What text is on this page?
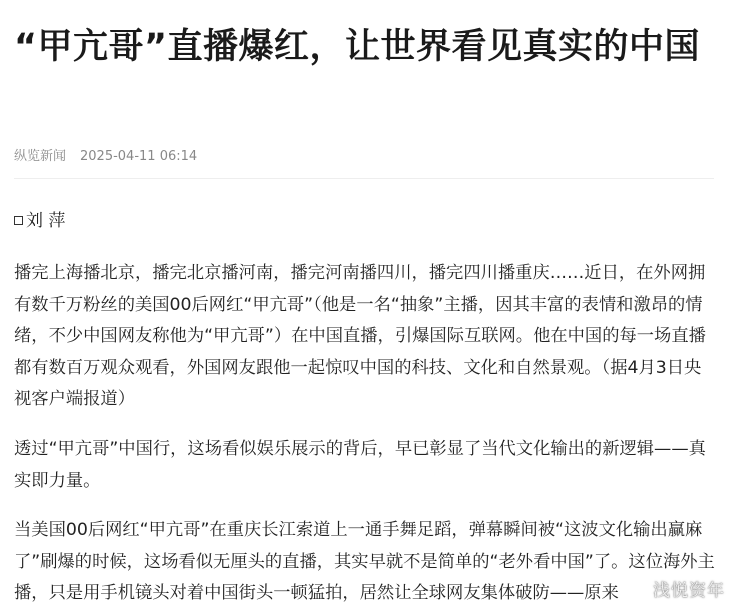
“甲亢哥”直播爆红，让世界看见真实的中国
纵览新闻 2025-04-11 06:14
刘 萍

播完上海播北京，播完北京播河南，播完河南播四川，播完四川播重庆……近日，在外网拥有数千万粉丝的美国00后网红“甲亢哥”（他是一名“抽象”主播，因其丰富的表情和激昂的情绪，不少中国网友称他为“甲亢哥”）在中国直播，引爆国际互联网。他在中国的每一场直播都有数百万观众观看，外国网友跟他一起惊叹中国的科技、文化和自然景观。（据4月3日央视客户端报道）

透过“甲亢哥”中国行，这场看似娱乐展示的背后，早已彰显了当代文化输出的新逻辑——真实即力量。

当美国00后网红“甲亢哥”在重庆长江索道上一通手舞足蹈，弹幕瞬间被“这波文化输出赢麻了”刷爆的时候，这场看似无厘头的直播，其实早就不是简单的“老外看中国”了。这位海外主播，只是用手机镜头对着中国街头一顿猛拍，居然让全球网友集体破防——原来	浅悦资年
